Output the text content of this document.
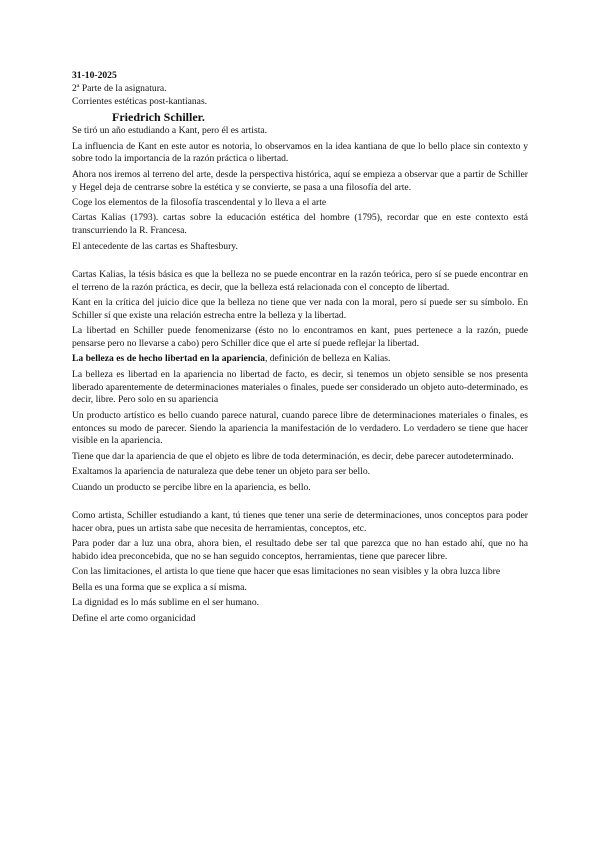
31-10-2025

2ª Parte de la asignatura.

Corrientes estéticas post-kantianas.

Friedrich Schiller.

Se tiró un año estudiando a Kant, pero él es artista.

La influencia de Kant en este autor es notoria, lo observamos en la idea kantiana de que lo bello place sin contexto y sobre todo la importancia de la razón práctica o libertad.

Ahora nos iremos al terreno del arte, desde la perspectiva histórica, aquí se empieza a observar que a partir de Schiller y Hegel deja de centrarse sobre la estética y se convierte, se pasa a una filosofía del arte.

Coge los elementos de la filosofía trascendental y lo lleva a el arte

Cartas Kalias (1793). cartas sobre la educación estética del hombre (1795), recordar que en este contexto está transcurriendo la R. Francesa.

El antecedente de las cartas es Shaftesbury.

Cartas Kalias, la tésis básica es que la belleza no se puede encontrar en la razón teórica, pero sí se puede encontrar en el terreno de la razón práctica, es decir, que la belleza está relacionada con el concepto de libertad.

Kant en la crítica del juicio dice que la belleza no tiene que ver nada con la moral, pero sí puede ser su símbolo. En Schiller sí que existe una relación estrecha entre la belleza y la libertad.

La libertad en Schiller puede fenomenizarse (ésto no lo encontramos en kant, pues pertenece a la razón, puede pensarse pero no llevarse a cabo) pero Schiller dice que el arte sí puede reflejar la libertad.

La belleza es de hecho libertad en la apariencia, definición de belleza en Kalias.

La belleza es libertad en la apariencia no libertad de facto, es decir, si tenemos un objeto sensible se nos presenta liberado aparentemente de determinaciones materiales o finales, puede ser considerado un objeto auto-determinado, es decir, libre. Pero solo en su apariencia

Un producto artístico es bello cuando parece natural, cuando parece libre de determinaciones materiales o finales, es entonces su modo de parecer. Siendo la apariencia la manifestación de lo verdadero. Lo verdadero se tiene que hacer visible en la apariencia.

Tiene que dar la apariencia de que el objeto es libre de toda determinación, es decir, debe parecer autodeterminado.

Exaltamos la apariencia de naturaleza que debe tener un objeto para ser bello.

Cuando un producto se percibe libre en la apariencia, es bello.

Como artista, Schiller estudiando a kant, tú tienes que tener una serie de determinaciones, unos conceptos para poder hacer obra, pues un artista sabe que necesita de herramientas, conceptos, etc.

Para poder dar a luz una obra, ahora bien, el resultado debe ser tal que parezca que no han estado ahí, que no ha habido idea preconcebida, que no se han seguido conceptos, herramientas, tiene que parecer libre.

Con las limitaciones, el artista lo que tiene que hacer que esas limitaciones no sean visibles y la obra luzca libre

Bella es una forma que se explica a sí misma.

La dignidad es lo más sublime en el ser humano.

Define el arte como organicidad
